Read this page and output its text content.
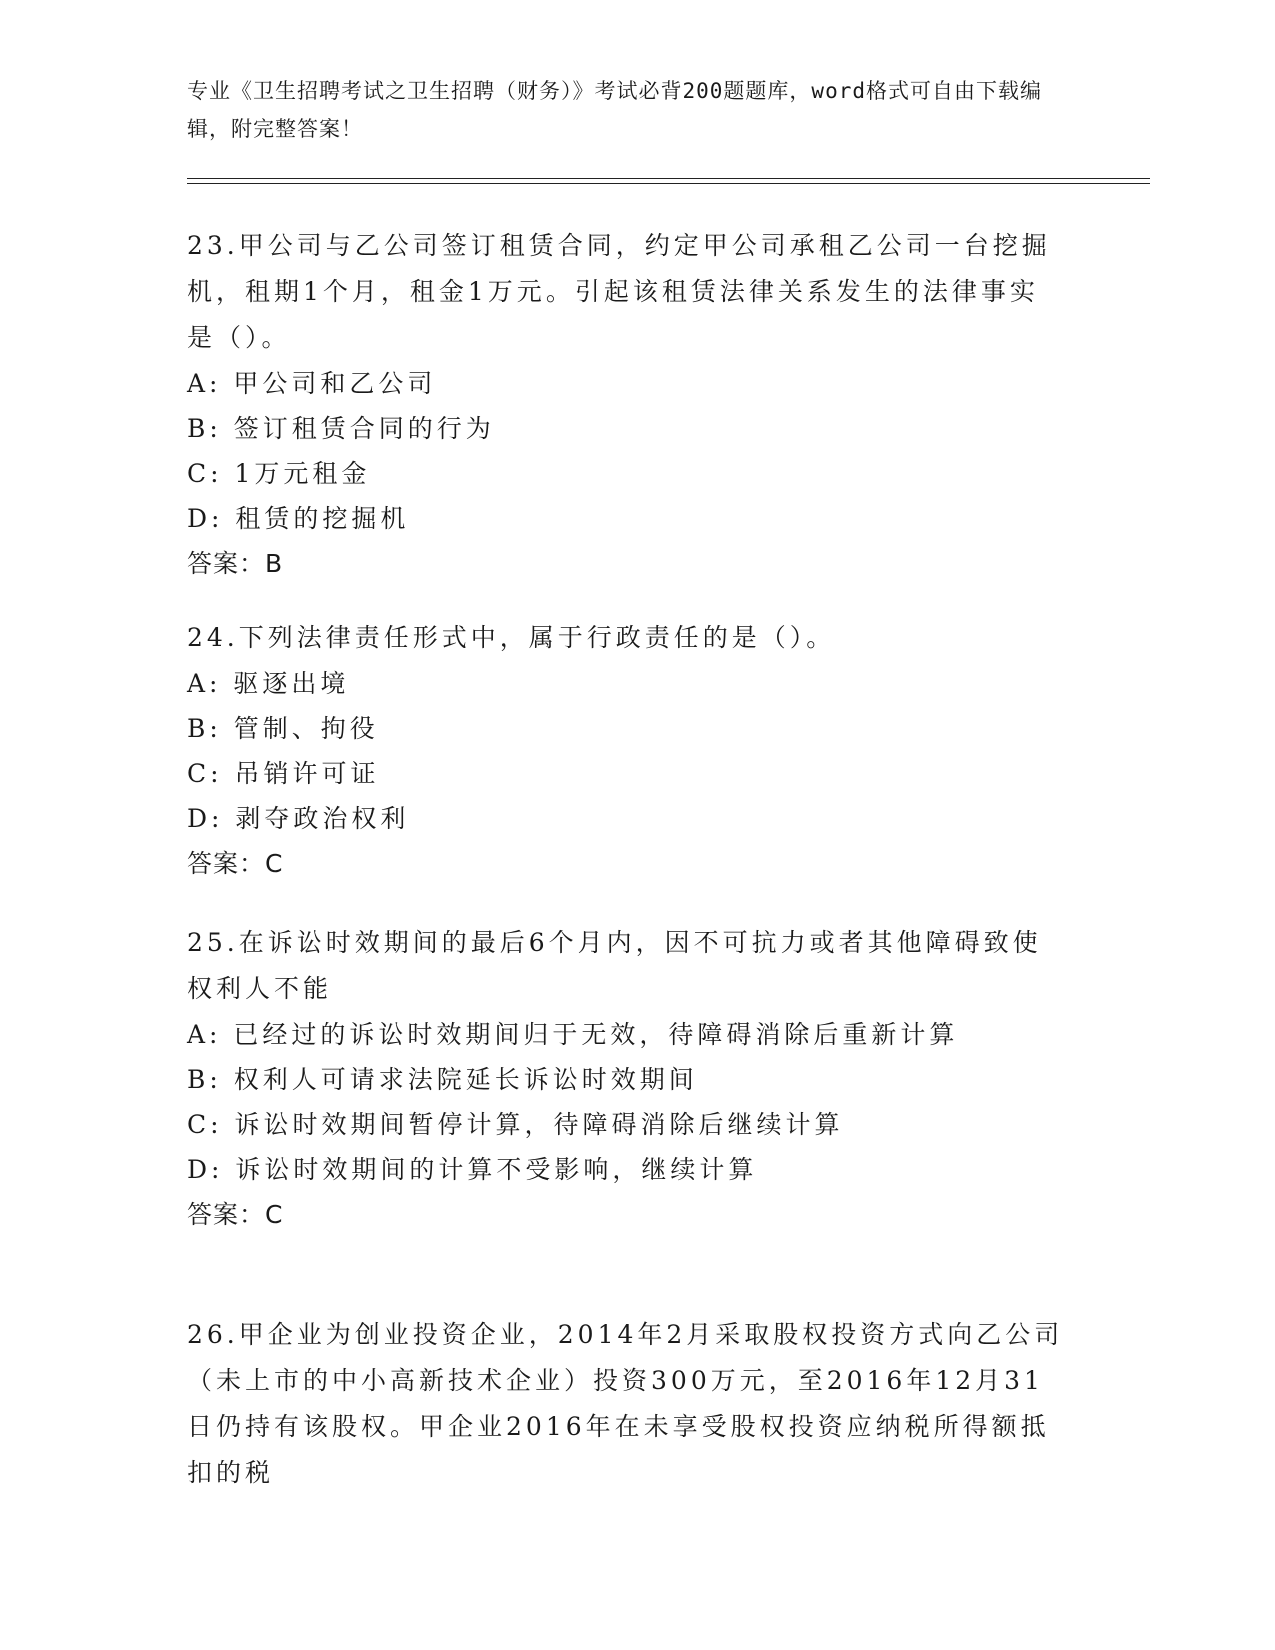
专业《卫生招聘考试之卫生招聘（财务）》考试必背200题题库，word格式可自由下载编辑，附完整答案！
23.甲公司与乙公司签订租赁合同，约定甲公司承租乙公司一台挖掘机，租期1个月，租金1万元。引起该租赁法律关系发生的法律事实是（）。
A: 甲公司和乙公司
B: 签订租赁合同的行为
C: 1万元租金
D: 租赁的挖掘机
答案：B
24.下列法律责任形式中，属于行政责任的是（）。
A: 驱逐出境
B: 管制、拘役
C: 吊销许可证
D: 剥夺政治权利
答案：C
25.在诉讼时效期间的最后6个月内，因不可抗力或者其他障碍致使权利人不能
A: 已经过的诉讼时效期间归于无效，待障碍消除后重新计算
B: 权利人可请求法院延长诉讼时效期间
C: 诉讼时效期间暂停计算，待障碍消除后继续计算
D: 诉讼时效期间的计算不受影响，继续计算
答案：C
26.甲企业为创业投资企业，2014年2月采取股权投资方式向乙公司（未上市的中小高新技术企业）投资300万元，至2016年12月31日仍持有该股权。甲企业2016年在未享受股权投资应纳税所得额抵扣的税
